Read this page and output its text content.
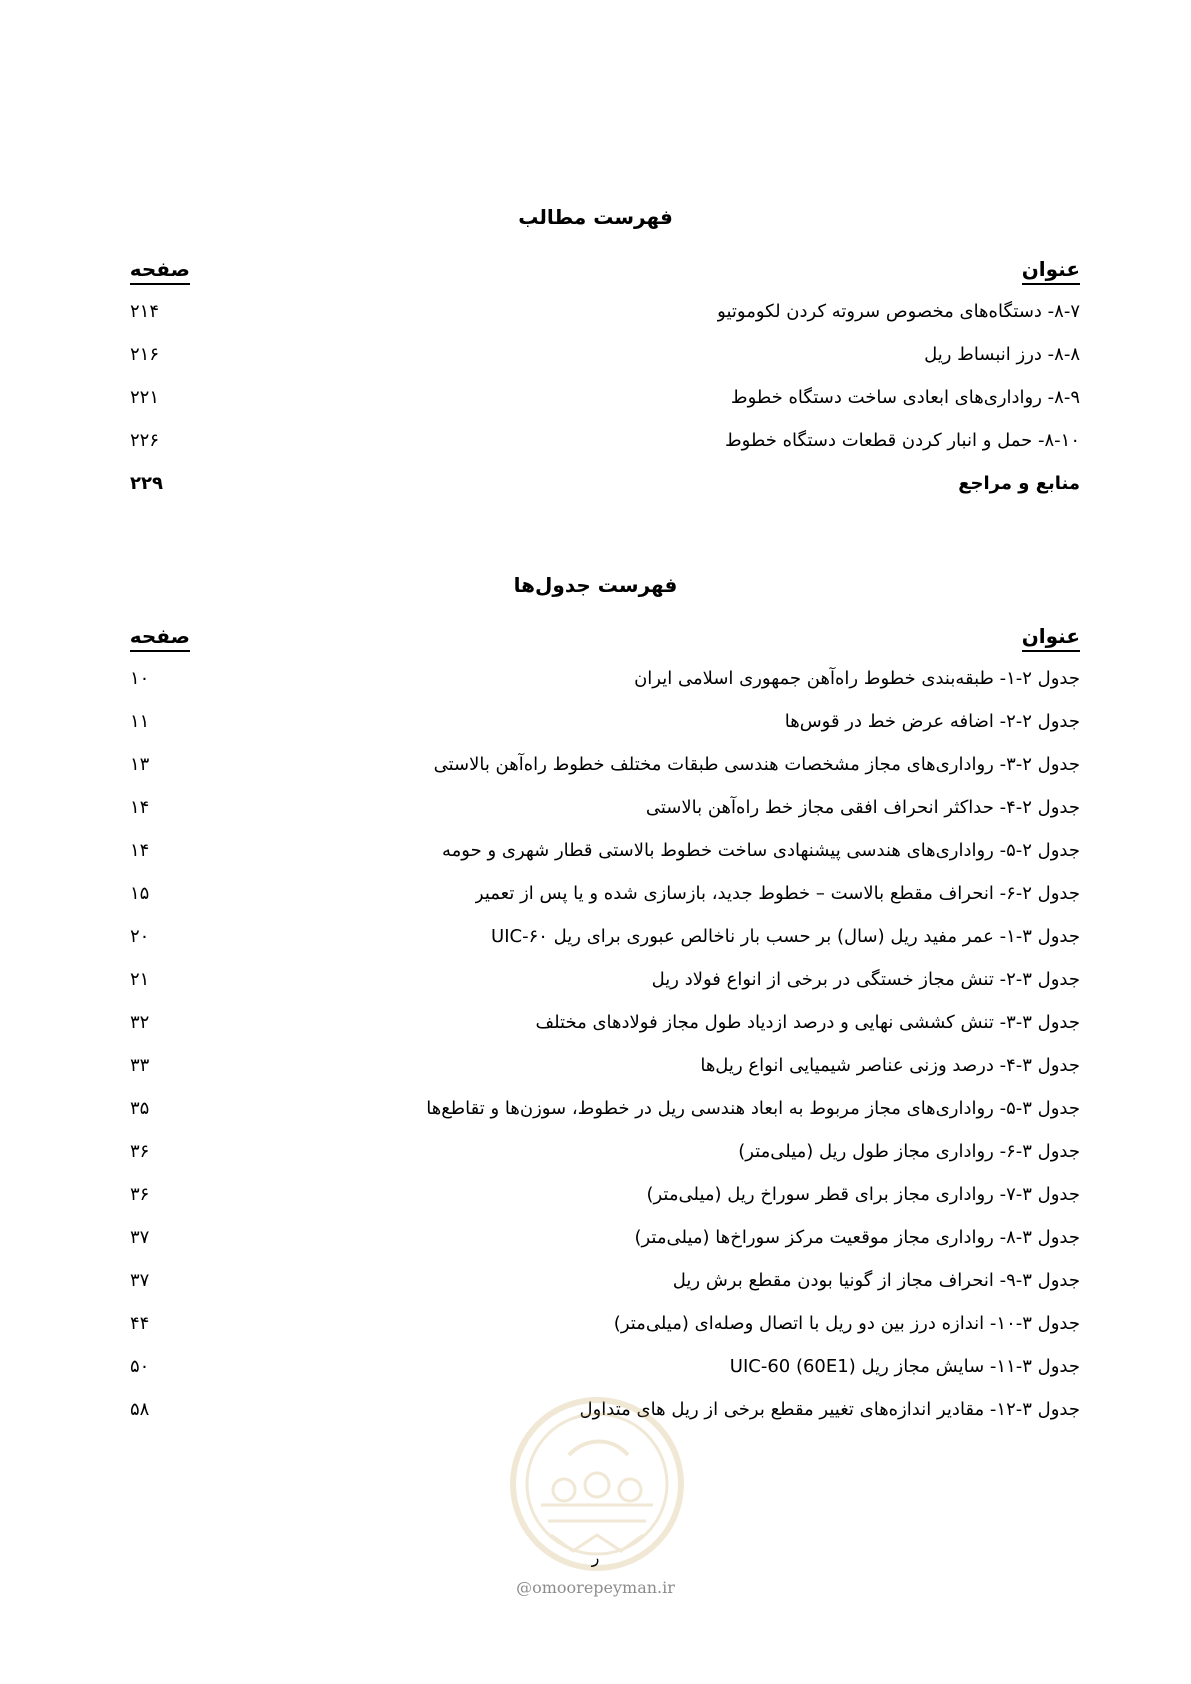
فهرست مطالب
عنوان
صفحه
۸-۷- دستگاه‌های مخصوص سروته کردن لکوموتیو
۲۱۴
۸-۸- درز انبساط ریل
۲۱۶
۸-۹- رواداری‌های ابعادی ساخت دستگاه خطوط
۲۲۱
۸-۱۰- حمل و انبار کردن قطعات دستگاه خطوط
۲۲۶
منابع و مراجع
۲۲۹
فهرست جدول‌ها
عنوان
صفحه
جدول ۲-۱- طبقه‌بندی خطوط راه‌آهن جمهوری اسلامی ایران
۱۰
جدول ۲-۲- اضافه عرض خط در قوس‌ها
۱۱
جدول ۲-۳- رواداری‌های مجاز مشخصات هندسی طبقات مختلف خطوط راه‌آهن بالاستی
۱۳
جدول ۲-۴- حداکثر انحراف افقی مجاز خط راه‌آهن بالاستی
۱۴
جدول ۲-۵- رواداری‌های هندسی پیشنهادی ساخت خطوط بالاستی قطار شهری و حومه
۱۴
جدول ۲-۶- انحراف مقطع بالاست – خطوط جدید، بازسازی شده و یا پس از تعمیر
۱۵
جدول ۳-۱- عمر مفید ریل (سال) بر حسب بار ناخالص عبوری برای ریل UIC-۶۰
۲۰
جدول ۳-۲- تنش مجاز خستگی در برخی از انواع فولاد ریل
۲۱
جدول ۳-۳- تنش کششی نهایی و درصد ازدیاد طول مجاز فولادهای مختلف
۳۲
جدول ۳-۴- درصد وزنی عناصر شیمیایی انواع ریل‌ها
۳۳
جدول ۳-۵- رواداری‌های مجاز مربوط به ابعاد هندسی ریل در خطوط، سوزن‌ها و تقاطع‌ها
۳۵
جدول ۳-۶- رواداری مجاز طول ریل (میلی‌متر)
۳۶
جدول ۳-۷- رواداری مجاز برای قطر سوراخ ریل (میلی‌متر)
۳۶
جدول ۳-۸- رواداری مجاز موقعیت مرکز سوراخ‌ها (میلی‌متر)
۳۷
جدول ۳-۹- انحراف مجاز از گونیا بودن مقطع برش ریل
۳۷
جدول ۳-۱۰- اندازه درز بین دو ریل با اتصال وصله‌ای (میلی‌متر)
۴۴
جدول ۳-۱۱- سایش مجاز ریل (60E1) UIC-60
۵۰
جدول ۳-۱۲- مقادیر اندازه‌های تغییر مقطع برخی از ریل های متداول
۵۸
ر
@omoorepeyman.ir
